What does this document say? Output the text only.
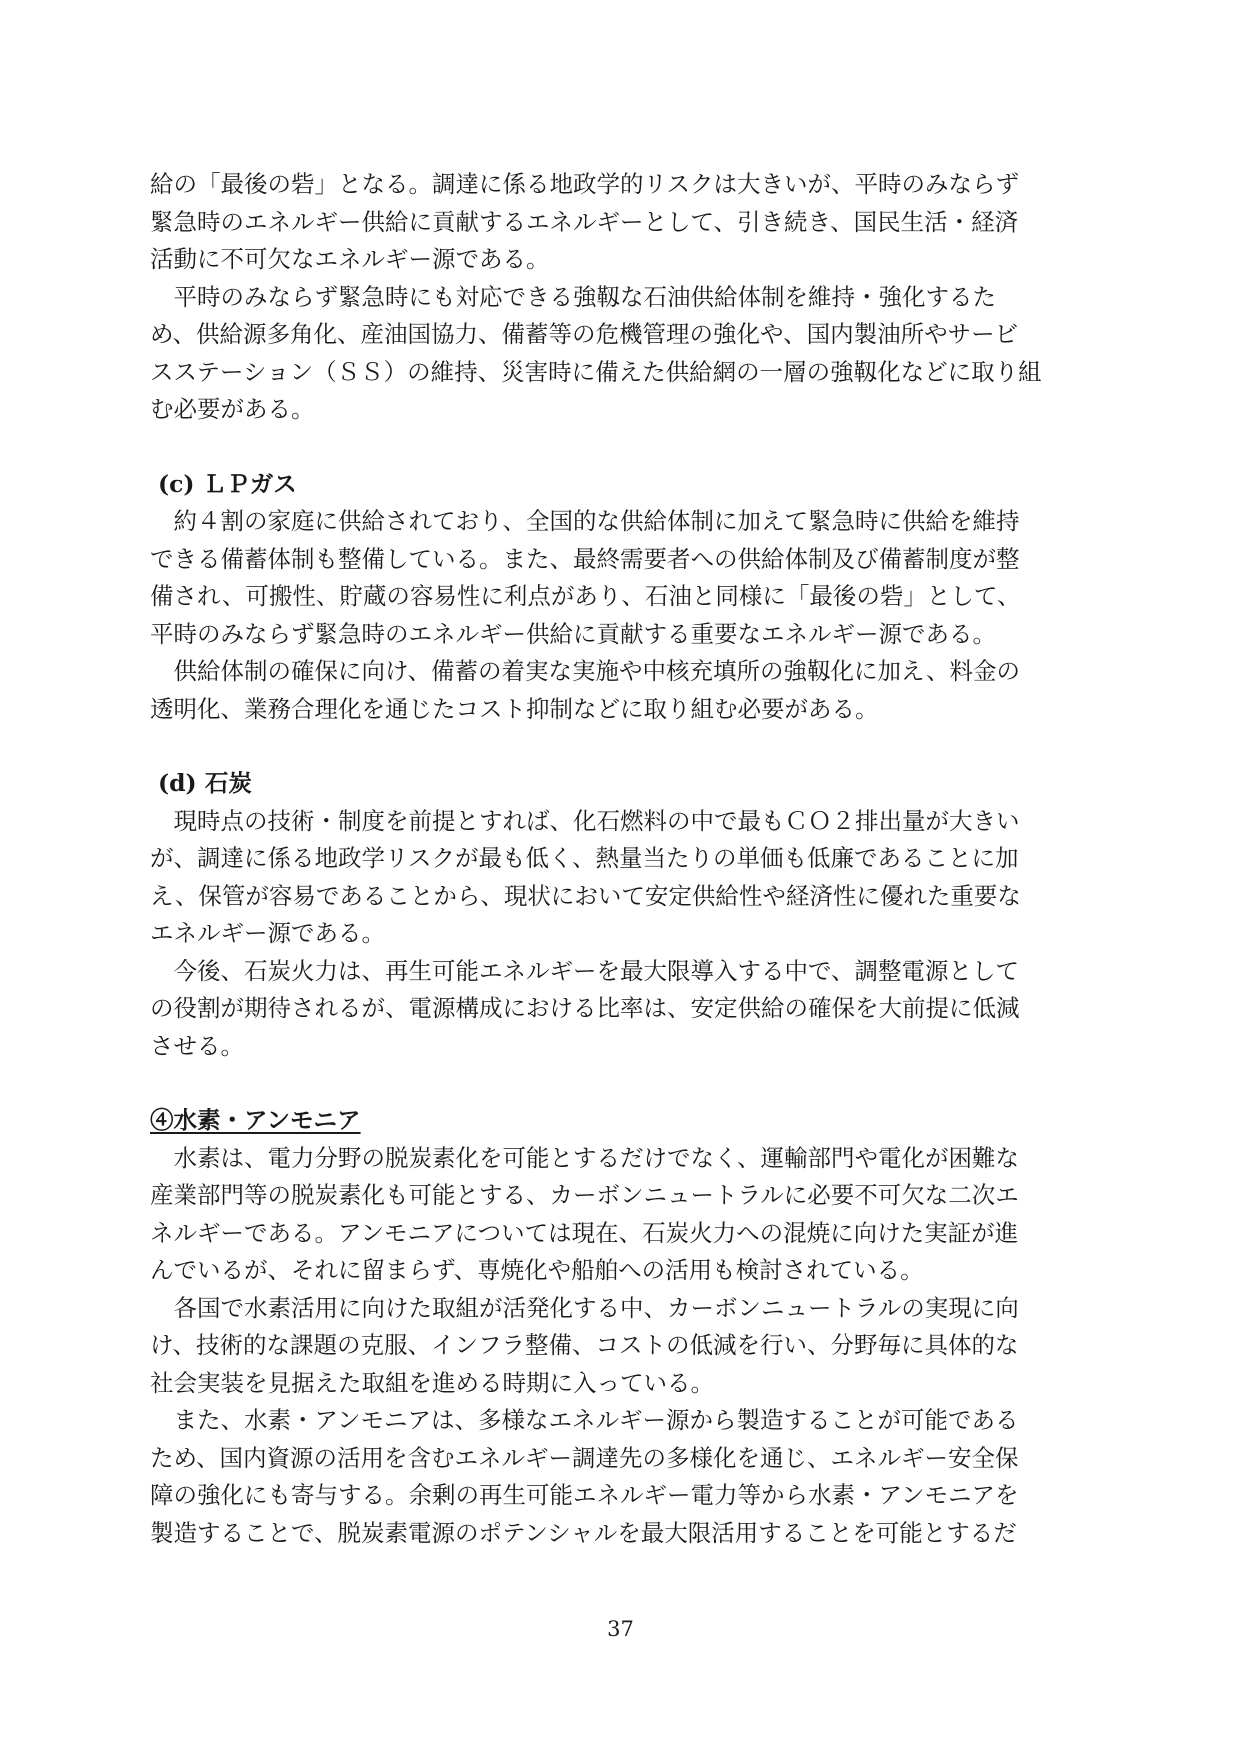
給の「最後の砦」となる。調達に係る地政学的リスクは大きいが、平時のみならず
緊急時のエネルギー供給に貢献するエネルギーとして、引き続き、国民生活・経済
活動に不可欠なエネルギー源である。
　平時のみならず緊急時にも対応できる強靱な石油供給体制を維持・強化するた
め、供給源多角化、産油国協力、備蓄等の危機管理の強化や、国内製油所やサービ
スステーション（ＳＳ）の維持、災害時に備えた供給網の一層の強靱化などに取り組
む必要がある。
(c) ＬＰガス
　約４割の家庭に供給されており、全国的な供給体制に加えて緊急時に供給を維持
できる備蓄体制も整備している。また、最終需要者への供給体制及び備蓄制度が整
備され、可搬性、貯蔵の容易性に利点があり、石油と同様に「最後の砦」として、
平時のみならず緊急時のエネルギー供給に貢献する重要なエネルギー源である。
　供給体制の確保に向け、備蓄の着実な実施や中核充填所の強靱化に加え、料金の
透明化、業務合理化を通じたコスト抑制などに取り組む必要がある。
(d) 石炭
　現時点の技術・制度を前提とすれば、化石燃料の中で最もＣＯ２排出量が大きい
が、調達に係る地政学リスクが最も低く、熱量当たりの単価も低廉であることに加
え、保管が容易であることから、現状において安定供給性や経済性に優れた重要な
エネルギー源である。
　今後、石炭火力は、再生可能エネルギーを最大限導入する中で、調整電源として
の役割が期待されるが、電源構成における比率は、安定供給の確保を大前提に低減
させる。
④水素・アンモニア
　水素は、電力分野の脱炭素化を可能とするだけでなく、運輸部門や電化が困難な
産業部門等の脱炭素化も可能とする、カーボンニュートラルに必要不可欠な二次エ
ネルギーである。アンモニアについては現在、石炭火力への混焼に向けた実証が進
んでいるが、それに留まらず、専焼化や船舶への活用も検討されている。
　各国で水素活用に向けた取組が活発化する中、カーボンニュートラルの実現に向
け、技術的な課題の克服、インフラ整備、コストの低減を行い、分野毎に具体的な
社会実装を見据えた取組を進める時期に入っている。
　また、水素・アンモニアは、多様なエネルギー源から製造することが可能である
ため、国内資源の活用を含むエネルギー調達先の多様化を通じ、エネルギー安全保
障の強化にも寄与する。余剰の再生可能エネルギー電力等から水素・アンモニアを
製造することで、脱炭素電源のポテンシャルを最大限活用することを可能とするだ
37
